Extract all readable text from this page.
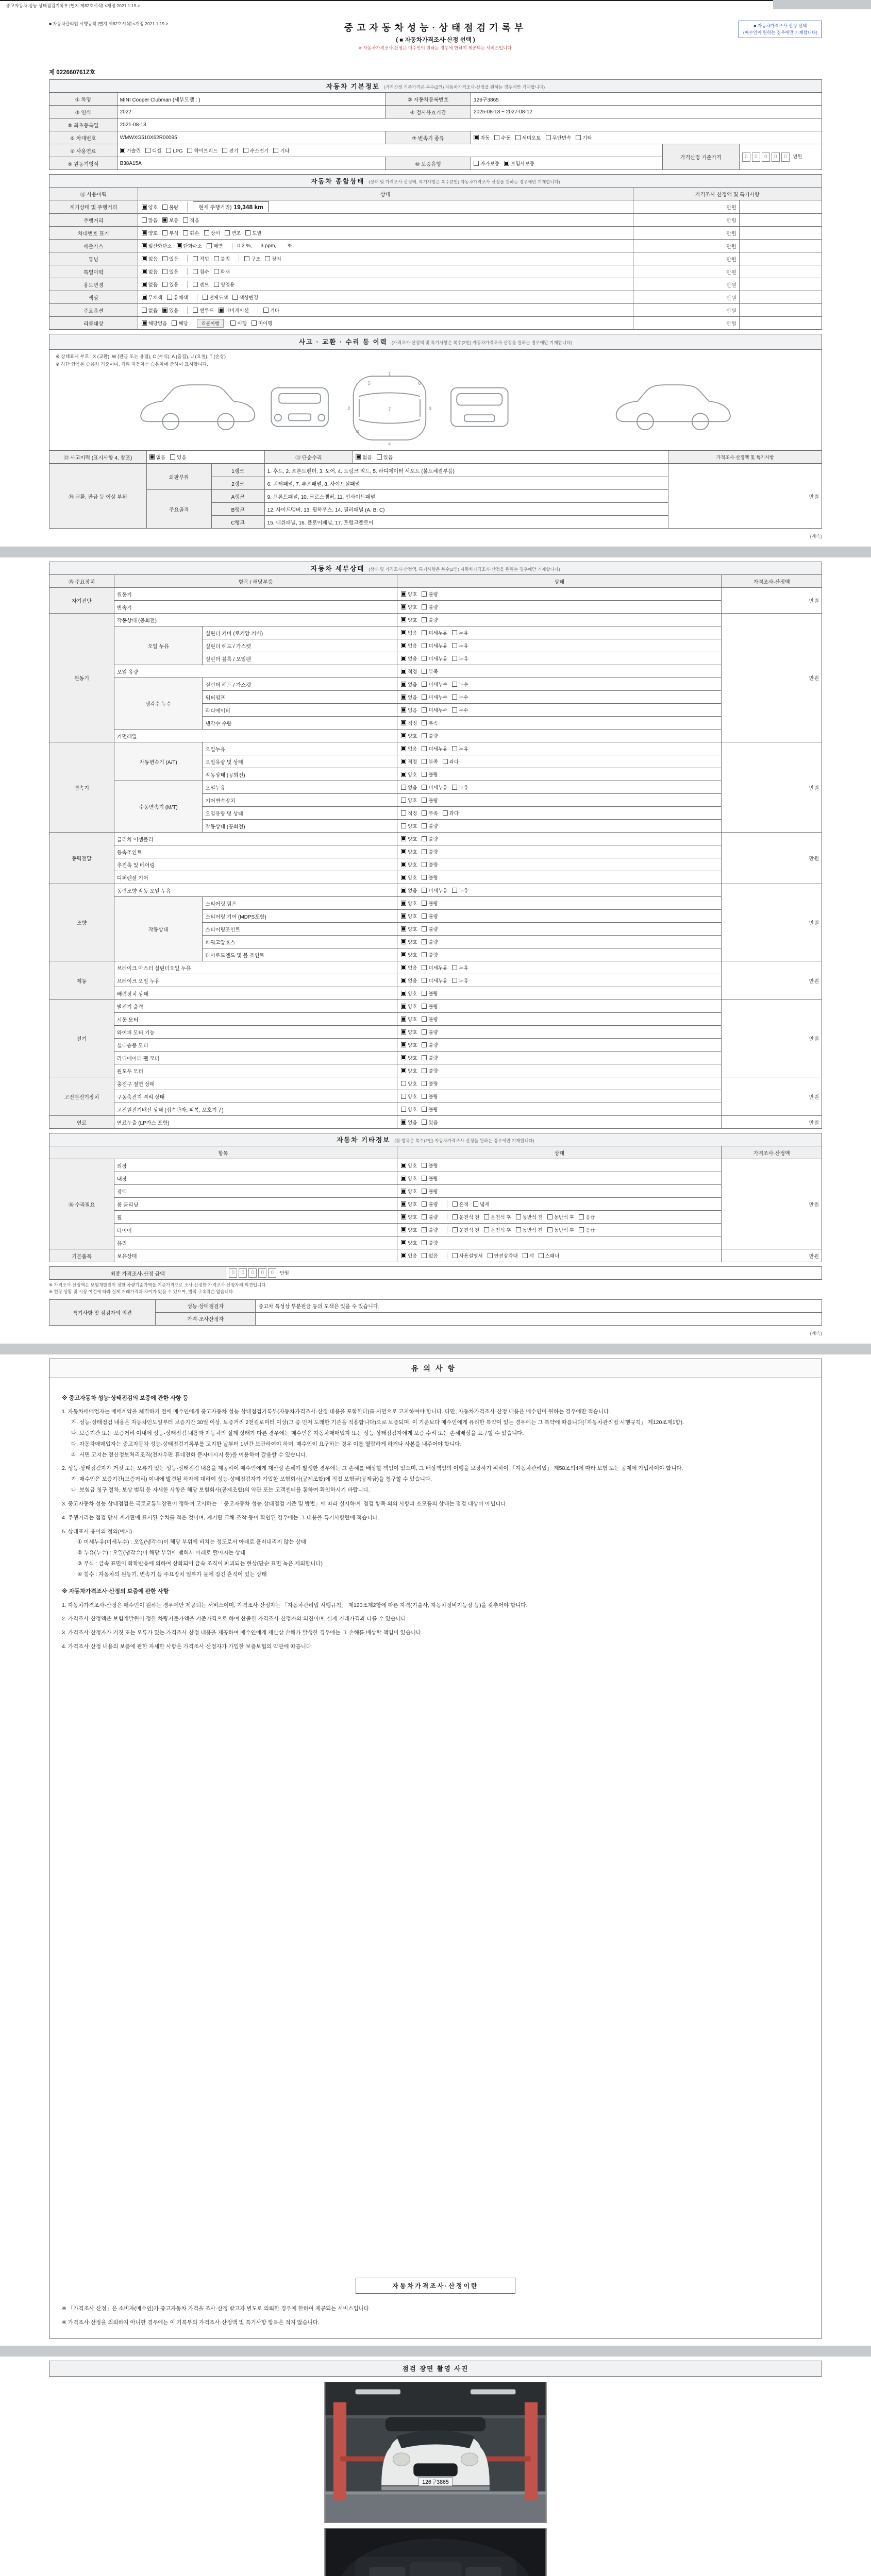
중고자동차 성능·상태점검기록부 [별지 제82호서식] <개정 2021.1.19.>
■ 자동차관리법 시행규칙 [별지 제82호서식] <개정 2021.1.19.>	■ 자동차가격조사·산정 선택
(매수인이 원하는 경우에만 기재합니다)
중고자동차성능·상태점검기록부
( ■ 자동차가격조사·산정 선택 )
※ 자동차가격조사·산정은 매수인이 원하는 경우에 한하여 제공되는 서비스입니다.
제 022660761Z호
자동차 기본정보 (가격산정 기준가격은 복수(2인) 자동차가격조사·산정을 원하는 경우에만 기재합니다)					
① 차명	MINI Cooper Clubman (세부모델 : )	② 자동차등록번호	126구3865		
③ 연식	2022	④ 검사유효기간	2025-08-13 ~ 2027-08-12		
⑤ 최초등록일	2021-08-13				
⑥ 차대번호	WMWXG510X62R00095	⑦ 변속기 종류	자동 수동 세미오토 무단변속 기타		
⑧ 사용연료	가솔린 디젤 LPG 하이브리드 전기 수소전기 기타			가격산정 기준가격	0 0 0 0 0 만원
⑨ 원동기형식	B38A15A	⑩ 보증유형	자가보증 보험사보증		
자동차 종합상태 (상태 및 가격조사·산정액, 특기사항은 복수(2인) 자동차가격조사·산정을 원하는 경우에만 기재합니다)			
⑪ 사용이력	상태	가격조사·산정액 및 특기사항	
계기상태 및 주행거리	양호 불량 현재 주행거리) 19,348 km	만원	
주행거리	많음 보통 적음	만원	
차대번호 표기	양호 부식 훼손 상이 변조 도말	만원	
배출가스	일산화탄소 탄화수소 매연 0.2 %,      3 ppm,        %	만원	
튜닝	없음 있음 적법 불법 구조 장치	만원	
특별이력	없음 있음 침수 화재	만원	
용도변경	없음 있음 렌트 영업용	만원	
색상	무채색 유채색 전체도색 색상변경	만원	
주요옵션	없음 있음 썬루프 네비게이션 기타	만원	
리콜대상	해당없음 해당 리콜이행 이행 미이행	만원	
사고 · 교환 · 수리 등 이력 (가격조사·산정액 및 특기사항은 복수(2인) 자동차가격조사·산정을 원하는 경우에만 기재합니다)
※ 상태표시 부호 : X (교환), W (판금 또는 용접), C (부식), A (흠집), U (요철), T (손상)
※ 하단 항목은 승용차 기준이며, 기타 자동차는 승용차에 준하여 표시합니다.
1
2	3
7
4
5
8
6
⑫ 사고이력 (표시사항 4. 참조)	없음 있음	⑬ 단순수리	없음 있음	가격조사·산정액 및 특기사항
⑭ 교환, 판금 등 이상 부위	외판부위	1랭크	1. 후드, 2. 프론트펜더, 3. 도어, 4. 트렁크 리드, 5. 라디에이터 서포트 (볼트체결부품)	만원
		2랭크	6. 쿼터패널, 7. 루프패널, 8. 사이드실패널	
	주요골격	A랭크	9. 프론트패널, 10. 크로스멤버, 11. 인사이드패널	
		B랭크	12. 사이드멤버, 13. 휠하우스, 14. 필러패널 (A, B, C)	
		C랭크	15. 대쉬패널, 16. 플로어패널, 17. 트렁크플로어	
(계속)
자동차 세부상태 (상태 및 가격조사·산정액, 특기사항은 복수(2인) 자동차가격조사·산정을 원하는 경우에만 기재합니다)				
⑮ 주요장치	항목 / 해당부품		상태	가격조사·산정액
자기진단	원동기		양호 불량	만원
	변속기		양호 불량	
원동기	작동상태 (공회전)		양호 불량	만원
	오일 누유	실린더 커버 (로커암 커버)	없음 미세누유 누유	
		실린더 헤드 / 가스켓	없음 미세누유 누유	
		실린더 블록 / 오일팬	없음 미세누유 누유	
	오일 유량		적정 부족	
	냉각수 누수	실린더 헤드 / 가스켓	없음 미세누수 누수	
		워터펌프	없음 미세누수 누수	
		라디에이터	없음 미세누수 누수	
		냉각수 수량	적정 부족	
	커먼레일		양호 불량	
변속기	자동변속기 (A/T)	오일누유	없음 미세누유 누유	만원
		오일유량 및 상태	적정 부족 과다	
		작동상태 (공회전)	양호 불량	
	수동변속기 (M/T)	오일누유	없음 미세누유 누유	
		기어변속장치	양호 불량	
		오일유량 및 상태	적정 부족 과다	
		작동상태 (공회전)	양호 불량	
동력전달	클러치 어셈블리		양호 불량	만원
	등속조인트		양호 불량	
	추진축 및 베어링		양호 불량	
	디퍼렌셜 기어		양호 불량	
조향	동력조향 작동 오일 누유		없음 미세누유 누유	만원
	작동상태	스티어링 펌프	양호 불량	
		스티어링 기어 (MDPS포함)	양호 불량	
		스티어링조인트	양호 불량	
		파워고압호스	양호 불량	
		타이로드엔드 및 볼 조인트	양호 불량	
제동	브레이크 마스터 실린더오일 누유		없음 미세누유 누유	만원
	브레이크 오일 누유		없음 미세누유 누유	
	배력장치 상태		양호 불량	
전기	발전기 출력		양호 불량	만원
	시동 모터		양호 불량	
	와이퍼 모터 기능		양호 불량	
	실내송풍 모터		양호 불량	
	라디에이터 팬 모터		양호 불량	
	윈도우 모터		양호 불량	
고전원전기장치	충전구 절연 상태		양호 불량	만원
	구동축전지 격리 상태		양호 불량	
	고전원전기배선 상태 (접속단자, 피복, 보호기구)		양호 불량	
연료	연료누출 (LP가스 포함)		없음 있음	만원
자동차 기타정보 (⑯ 항목은 복수(2인) 자동차가격조사·산정을 원하는 경우에만 기재합니다)			
항목		상태	가격조사·산정액
⑯ 수리필요	외장	양호 불량	만원
	내장	양호 불량	
	광택	양호 불량	
	룸 클리닝	양호 불량 흔적 냄새	
	휠	양호 불량 운전석 전 운전석 후 동반석 전 동반석 후 응급	
	타이어	양호 불량 운전석 전 운전석 후 동반석 전 동반석 후 응급	
	유리	양호 불량	
기본품목	보유상태	있음 없음 사용설명서 안전삼각대 잭 스패너	만원
최종 가격조사·산정 금액	0 0 0 0 0 만원
※ 가격조사·산정액은 보험개발원이 정한 차량기준가액을 기준가격으로 조사·산정한 가격조사·산정자의 의견입니다.
※ 현장 상황 및 시장 여건에 따라 실제 거래가격과 차이가 있을 수 있으며, 법적 구속력은 없습니다.
특기사항 및 점검자의 의견	성능·상태점검자	중고차 특성상 부분판금 등의 도색은 있을 수 있습니다.
	가격·조사산정자	
(계속)
유의사항
※ 중고자동차 성능·상태점검의 보증에 관한 사항 등
1. 자동차매매업자는 매매계약을 체결하기 전에 매수인에게 중고자동차 성능·상태점검기록부(자동차가격조사·산정 내용을 포함한다)를 서면으로 고지하여야 합니다. 다만, 자동차가격조사·산정 내용은 매수인이 원하는 경우에만 적습니다.
가. 성능·상태점검 내용은 자동차인도일부터 보증기간 30일 이상, 보증거리 2천킬로미터 이상(그 중 먼저 도래한 기준을 적용합니다)으로 보증되며, 이 기준보다 매수인에게 유리한 특약이 있는 경우에는 그 특약에 따릅니다(「자동차관리법 시행규칙」 제120조제1항).
나. 보증기간 또는 보증거리 이내에 성능·상태점검 내용과 자동차의 실제 상태가 다른 경우에는 매수인은 자동차매매업자 또는 성능·상태점검자에게 보증 수리 또는 손해배상을 요구할 수 있습니다.
다. 자동차매매업자는 중고자동차 성능·상태점검기록부를 고지한 날부터 1년간 보관하여야 하며, 매수인이 요구하는 경우 이를 열람하게 하거나 사본을 내주어야 합니다.
라. 서면 고지는 전산정보처리조직(전자우편·휴대전화 문자메시지 등)을 이용하여 갈음할 수 있습니다.
2. 성능·상태점검자가 거짓 또는 오류가 있는 성능·상태점검 내용을 제공하여 매수인에게 재산상 손해가 발생한 경우에는 그 손해를 배상할 책임이 있으며, 그 배상책임의 이행을 보장하기 위하여 「자동차관리법」 제58조의4에 따라 보험 또는 공제에 가입하여야 합니다.
가. 매수인은 보증기간(보증거리) 이내에 발견된 하자에 대하여 성능·상태점검자가 가입한 보험회사(공제조합)에 직접 보험금(공제금)을 청구할 수 있습니다.
나. 보험금 청구 절차, 보상 범위 등 자세한 사항은 해당 보험회사(공제조합)의 약관 또는 고객센터를 통하여 확인하시기 바랍니다.
3. 중고자동차 성능·상태점검은 국토교통부장관이 정하여 고시하는 「중고자동차 성능·상태점검 기준 및 방법」에 따라 실시하며, 점검 항목 외의 사항과 소모품의 상태는 점검 대상이 아닙니다.
4. 주행거리는 점검 당시 계기판에 표시된 수치를 적은 것이며, 계기판 교체·조작 등이 확인된 경우에는 그 내용을 특기사항란에 적습니다.
5. 상태표시 용어의 정의(예시)
① 미세누유(미세누수) : 오일(냉각수)이 해당 부위에 비치는 정도로서 아래로 흘러내리지 않는 상태
② 누유(누수) : 오일(냉각수)이 해당 부위에 맺혀서 아래로 떨어지는 상태
③ 부식 : 금속 표면이 화학반응에 의하여 산화되어 금속 조직이 파괴되는 현상(단순 표면 녹은 제외합니다)
④ 침수 : 자동차의 원동기, 변속기 등 주요장치 일부가 물에 잠긴 흔적이 있는 상태
※ 자동차가격조사·산정의 보증에 관한 사항
1. 자동차가격조사·산정은 매수인이 원하는 경우에만 제공되는 서비스이며, 가격조사·산정자는 「자동차관리법 시행규칙」 제120조제2항에 따른 자격(기술사, 자동차정비기능장 등)을 갖추어야 합니다.
2. 가격조사·산정액은 보험개발원이 정한 차량기준가액을 기준가격으로 하여 산출한 가격조사·산정자의 의견이며, 실제 거래가격과 다를 수 있습니다.
3. 가격조사·산정자가 거짓 또는 오류가 있는 가격조사·산정 내용을 제공하여 매수인에게 재산상 손해가 발생한 경우에는 그 손해를 배상할 책임이 있습니다.
4. 가격조사·산정 내용의 보증에 관한 자세한 사항은 가격조사·산정자가 가입한 보증보험의 약관에 따릅니다.
자동차가격조사·산정이란
※ 「가격조사·산정」은 소비자(매수인)가 중고자동차 가격을 조사·산정 받고자 별도로 의뢰한 경우에 한하여 제공되는 서비스입니다.
※ 가격조사·산정을 의뢰하지 아니한 경우에는 이 기록부의 가격조사·산정액 및 특기사항 항목은 적지 않습니다.
점검 장면 촬영 사진
126구3865
